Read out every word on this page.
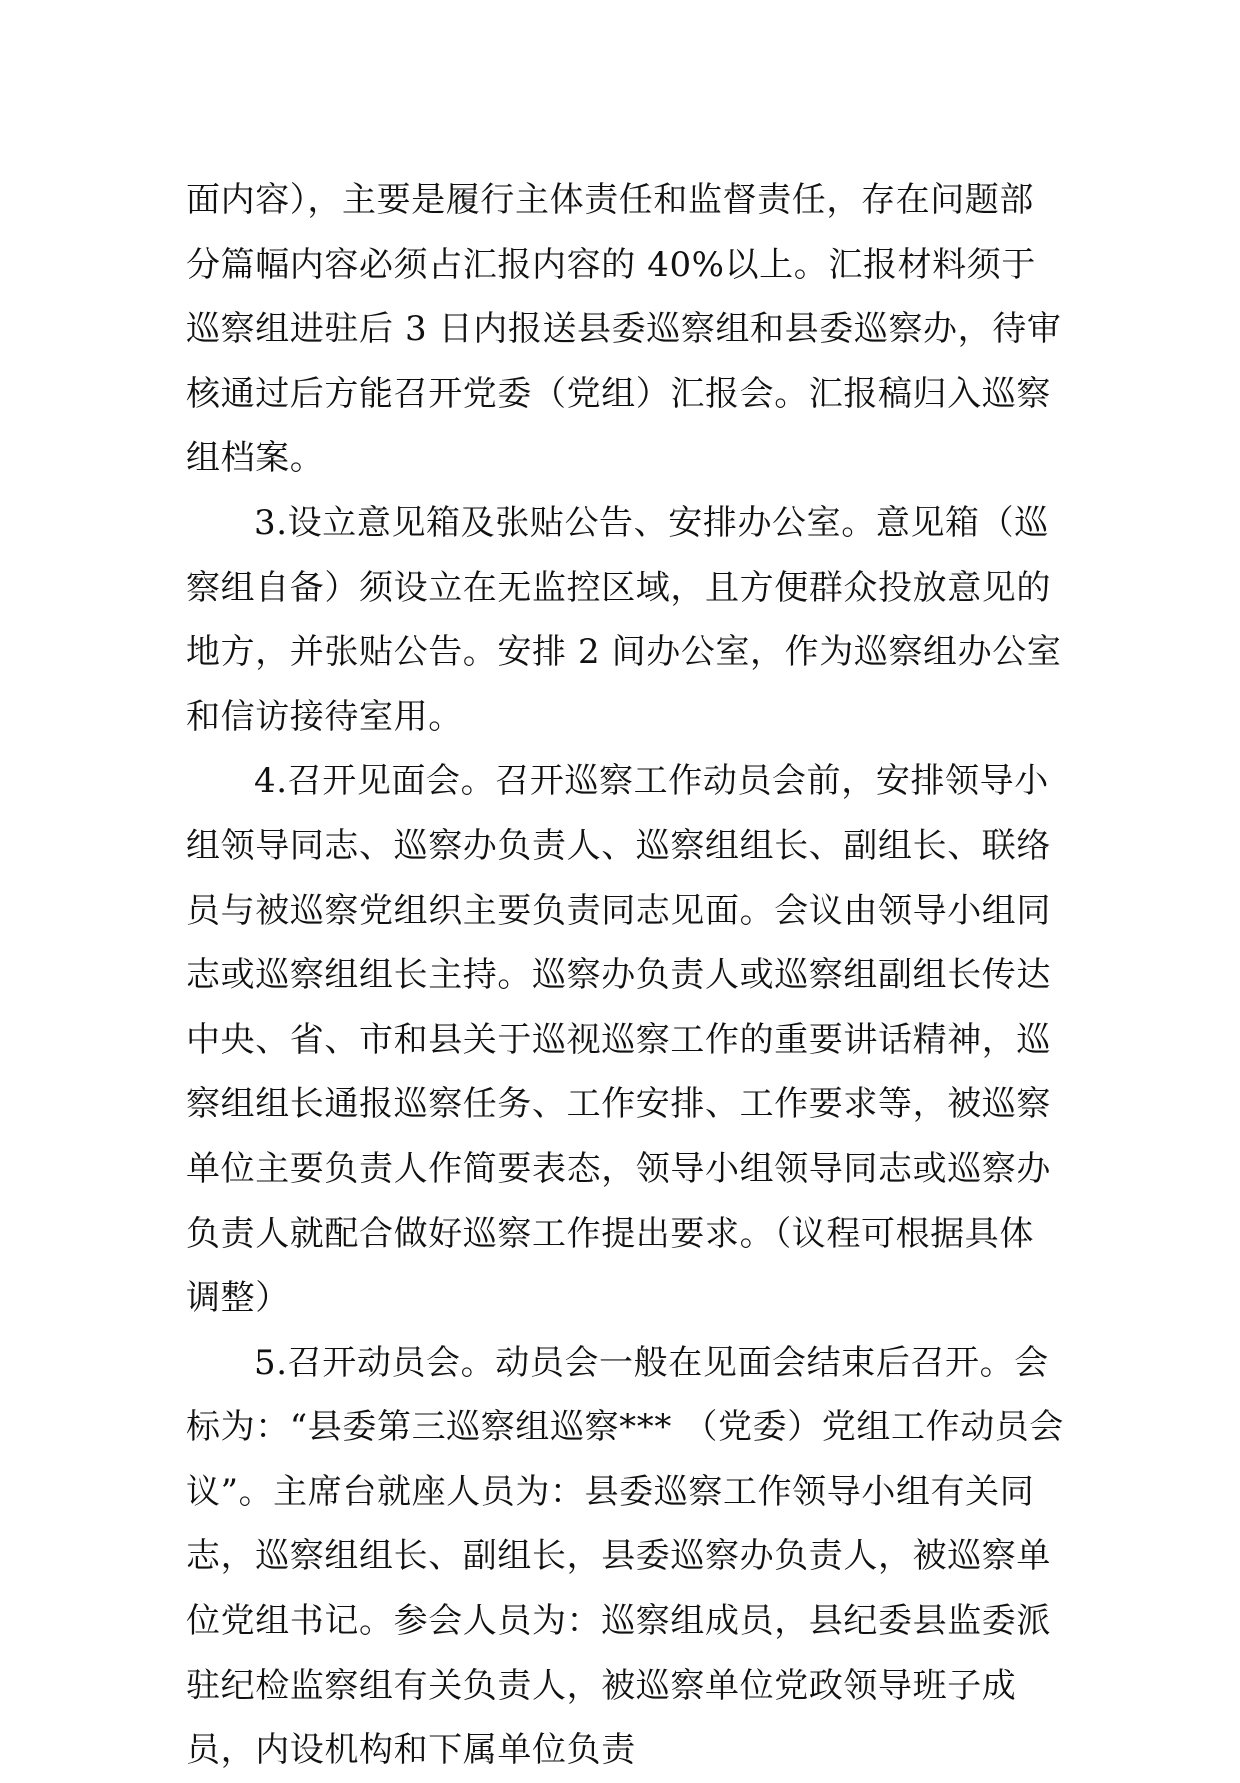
面内容），主要是履行主体责任和监督责任，存在问题部分篇幅内容必须占汇报内容的 40%以上。汇报材料须于巡察组进驻后 3 日内报送县委巡察组和县委巡察办，待审核通过后方能召开党委（党组）汇报会。汇报稿归入巡察组档案。

3.设立意见箱及张贴公告、安排办公室。意见箱（巡察组自备）须设立在无监控区域，且方便群众投放意见的地方，并张贴公告。安排 2 间办公室，作为巡察组办公室和信访接待室用。

4.召开见面会。召开巡察工作动员会前，安排领导小组领导同志、巡察办负责人、巡察组组长、副组长、联络员与被巡察党组织主要负责同志见面。会议由领导小组同志或巡察组组长主持。巡察办负责人或巡察组副组长传达中央、省、市和县关于巡视巡察工作的重要讲话精神，巡察组组长通报巡察任务、工作安排、工作要求等，被巡察单位主要负责人作简要表态，领导小组领导同志或巡察办负责人就配合做好巡察工作提出要求。（议程可根据具体调整）

5.召开动员会。动员会一般在见面会结束后召开。会标为：“县委第三巡察组巡察*** （党委）党组工作动员会议”。主席台就座人员为：县委巡察工作领导小组有关同志，巡察组组长、副组长，县委巡察办负责人，被巡察单位党组书记。参会人员为：巡察组成员，县纪委县监委派驻纪检监察组有关负责人，被巡察单位党政领导班子成员，内设机构和下属单位负责
